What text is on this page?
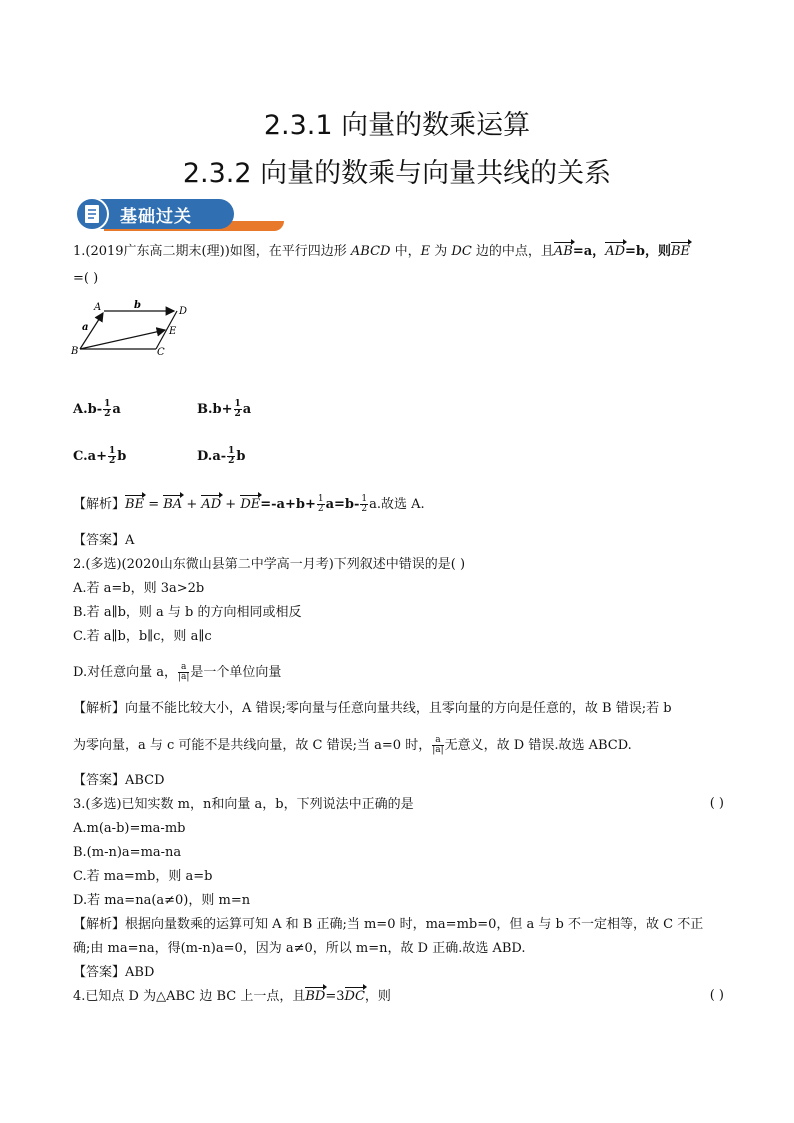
2.3.1 向量的数乘运算
2.3.2 向量的数乘与向量共线的关系
基础过关
1.(2019广东高二期末(理))如图，在平行四边形 ABCD 中，E 为 DC 边的中点，且AB=a，AD=b，则BE
=( )
A
B	C
D
E
a
b
$A.b- \frac{1}{2}$ a	$B.b+ \frac{1}{2}$ a
$C.a+ \frac{1}{2}$ b	$D.a- \frac{1}{2}$ b
【解析】BE = BA + AD + $DE=-a+b+ \frac{1}{2} a=b- \frac{1}{2} a$.故选 A.
【答案】A
2.(多选)(2020山东微山县第二中学高一月考)下列叙述中错误的是( )
A.若 a=b，则 3a>2b
B.若 a∥b，则 a 与 b 的方向相同或相反
C.若 a∥b，b∥c，则 a∥c
D.对任意向量 a， $\frac{a}{|a|}$ 是一个单位向量
【解析】向量不能比较大小，A 错误;零向量与任意向量共线，且零向量的方向是任意的，故 B 错误;若 b
为零向量，a 与 c 可能不是共线向量，故 C 错误;当 a=0 时， $\frac{a}{|a|}$ 无意义，故 D 错误.故选 ABCD.
【答案】ABCD
3.(多选)已知实数 m，n和向量 a，b，下列说法中正确的是	( )
A.m(a-b)=ma-mb
B.(m-n)a=ma-na
C.若 ma=mb，则 a=b
D.若 ma=na(a≠0)，则 m=n
【解析】根据向量数乘的运算可知 A 和 B 正确;当 m=0 时，ma=mb=0，但 a 与 b 不一定相等，故 C 不正
确;由 ma=na，得(m-n)a=0，因为 a≠0，所以 m=n，故 D 正确.故选 ABD.
【答案】ABD
4.已知点 D 为△ABC 边 BC 上一点，且BD=3DC，则	( )
